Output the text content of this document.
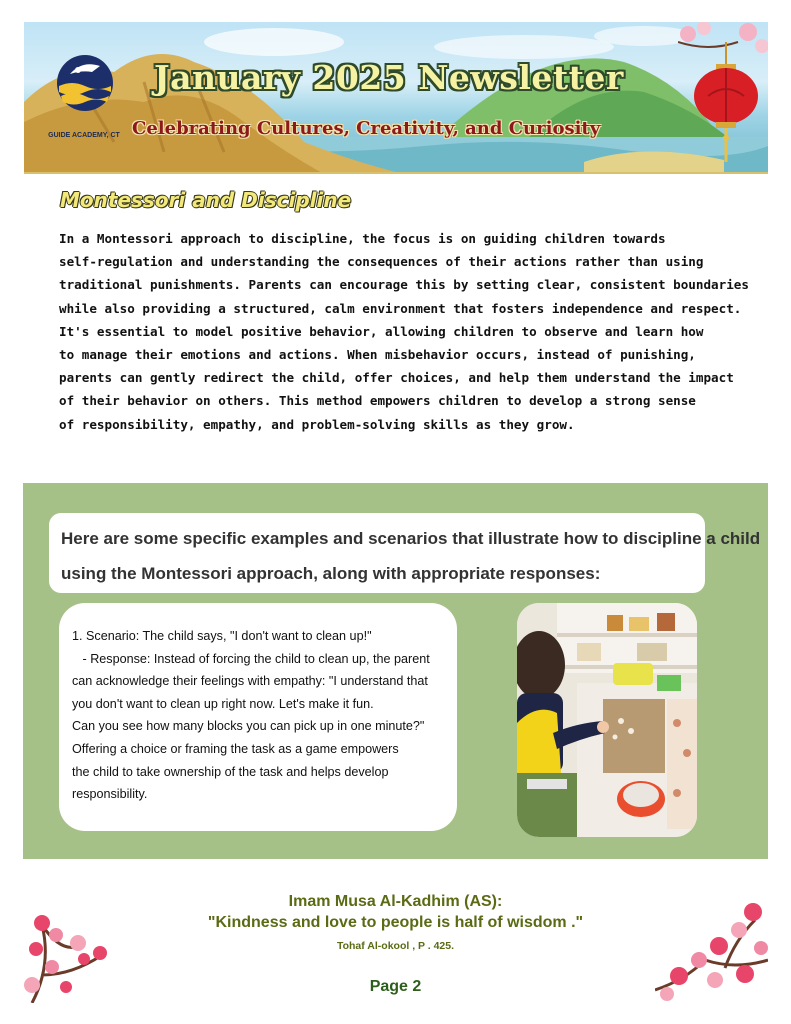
GUIDE ACADEMY, CT
January 2025 Newsletter
Celebrating Cultures, Creativity, and Curiosity
Montessori and Discipline
In a Montessori approach to discipline, the focus is on guiding children towards
self-regulation and understanding the consequences of their actions rather than using
traditional punishments. Parents can encourage this by setting clear, consistent boundaries
while also providing a structured, calm environment that fosters independence and respect.
It's essential to model positive behavior, allowing children to observe and learn how
to manage their emotions and actions. When misbehavior occurs, instead of punishing,
parents can gently redirect the child, offer choices, and help them understand the impact
of their behavior on others. This method empowers children to develop a strong sense
of responsibility, empathy, and problem-solving skills as they grow.
Here are some specific examples and scenarios that illustrate how to discipline a child
using the Montessori approach, along with appropriate responses:
1. Scenario: The child says, "I don't want to clean up!"
- Response: Instead of forcing the child to clean up, the parent
can acknowledge their feelings with empathy: "I understand that
you don't want to clean up right now. Let's make it fun.
Can you see how many blocks you can pick up in one minute?"
Offering a choice or framing the task as a game empowers
the child to take ownership of the task and helps develop
responsibility.
Imam Musa Al-Kadhim (AS):
"Kindness and love to people is half of wisdom ."
Tohaf Al-okool , P . 425.
Page 2
